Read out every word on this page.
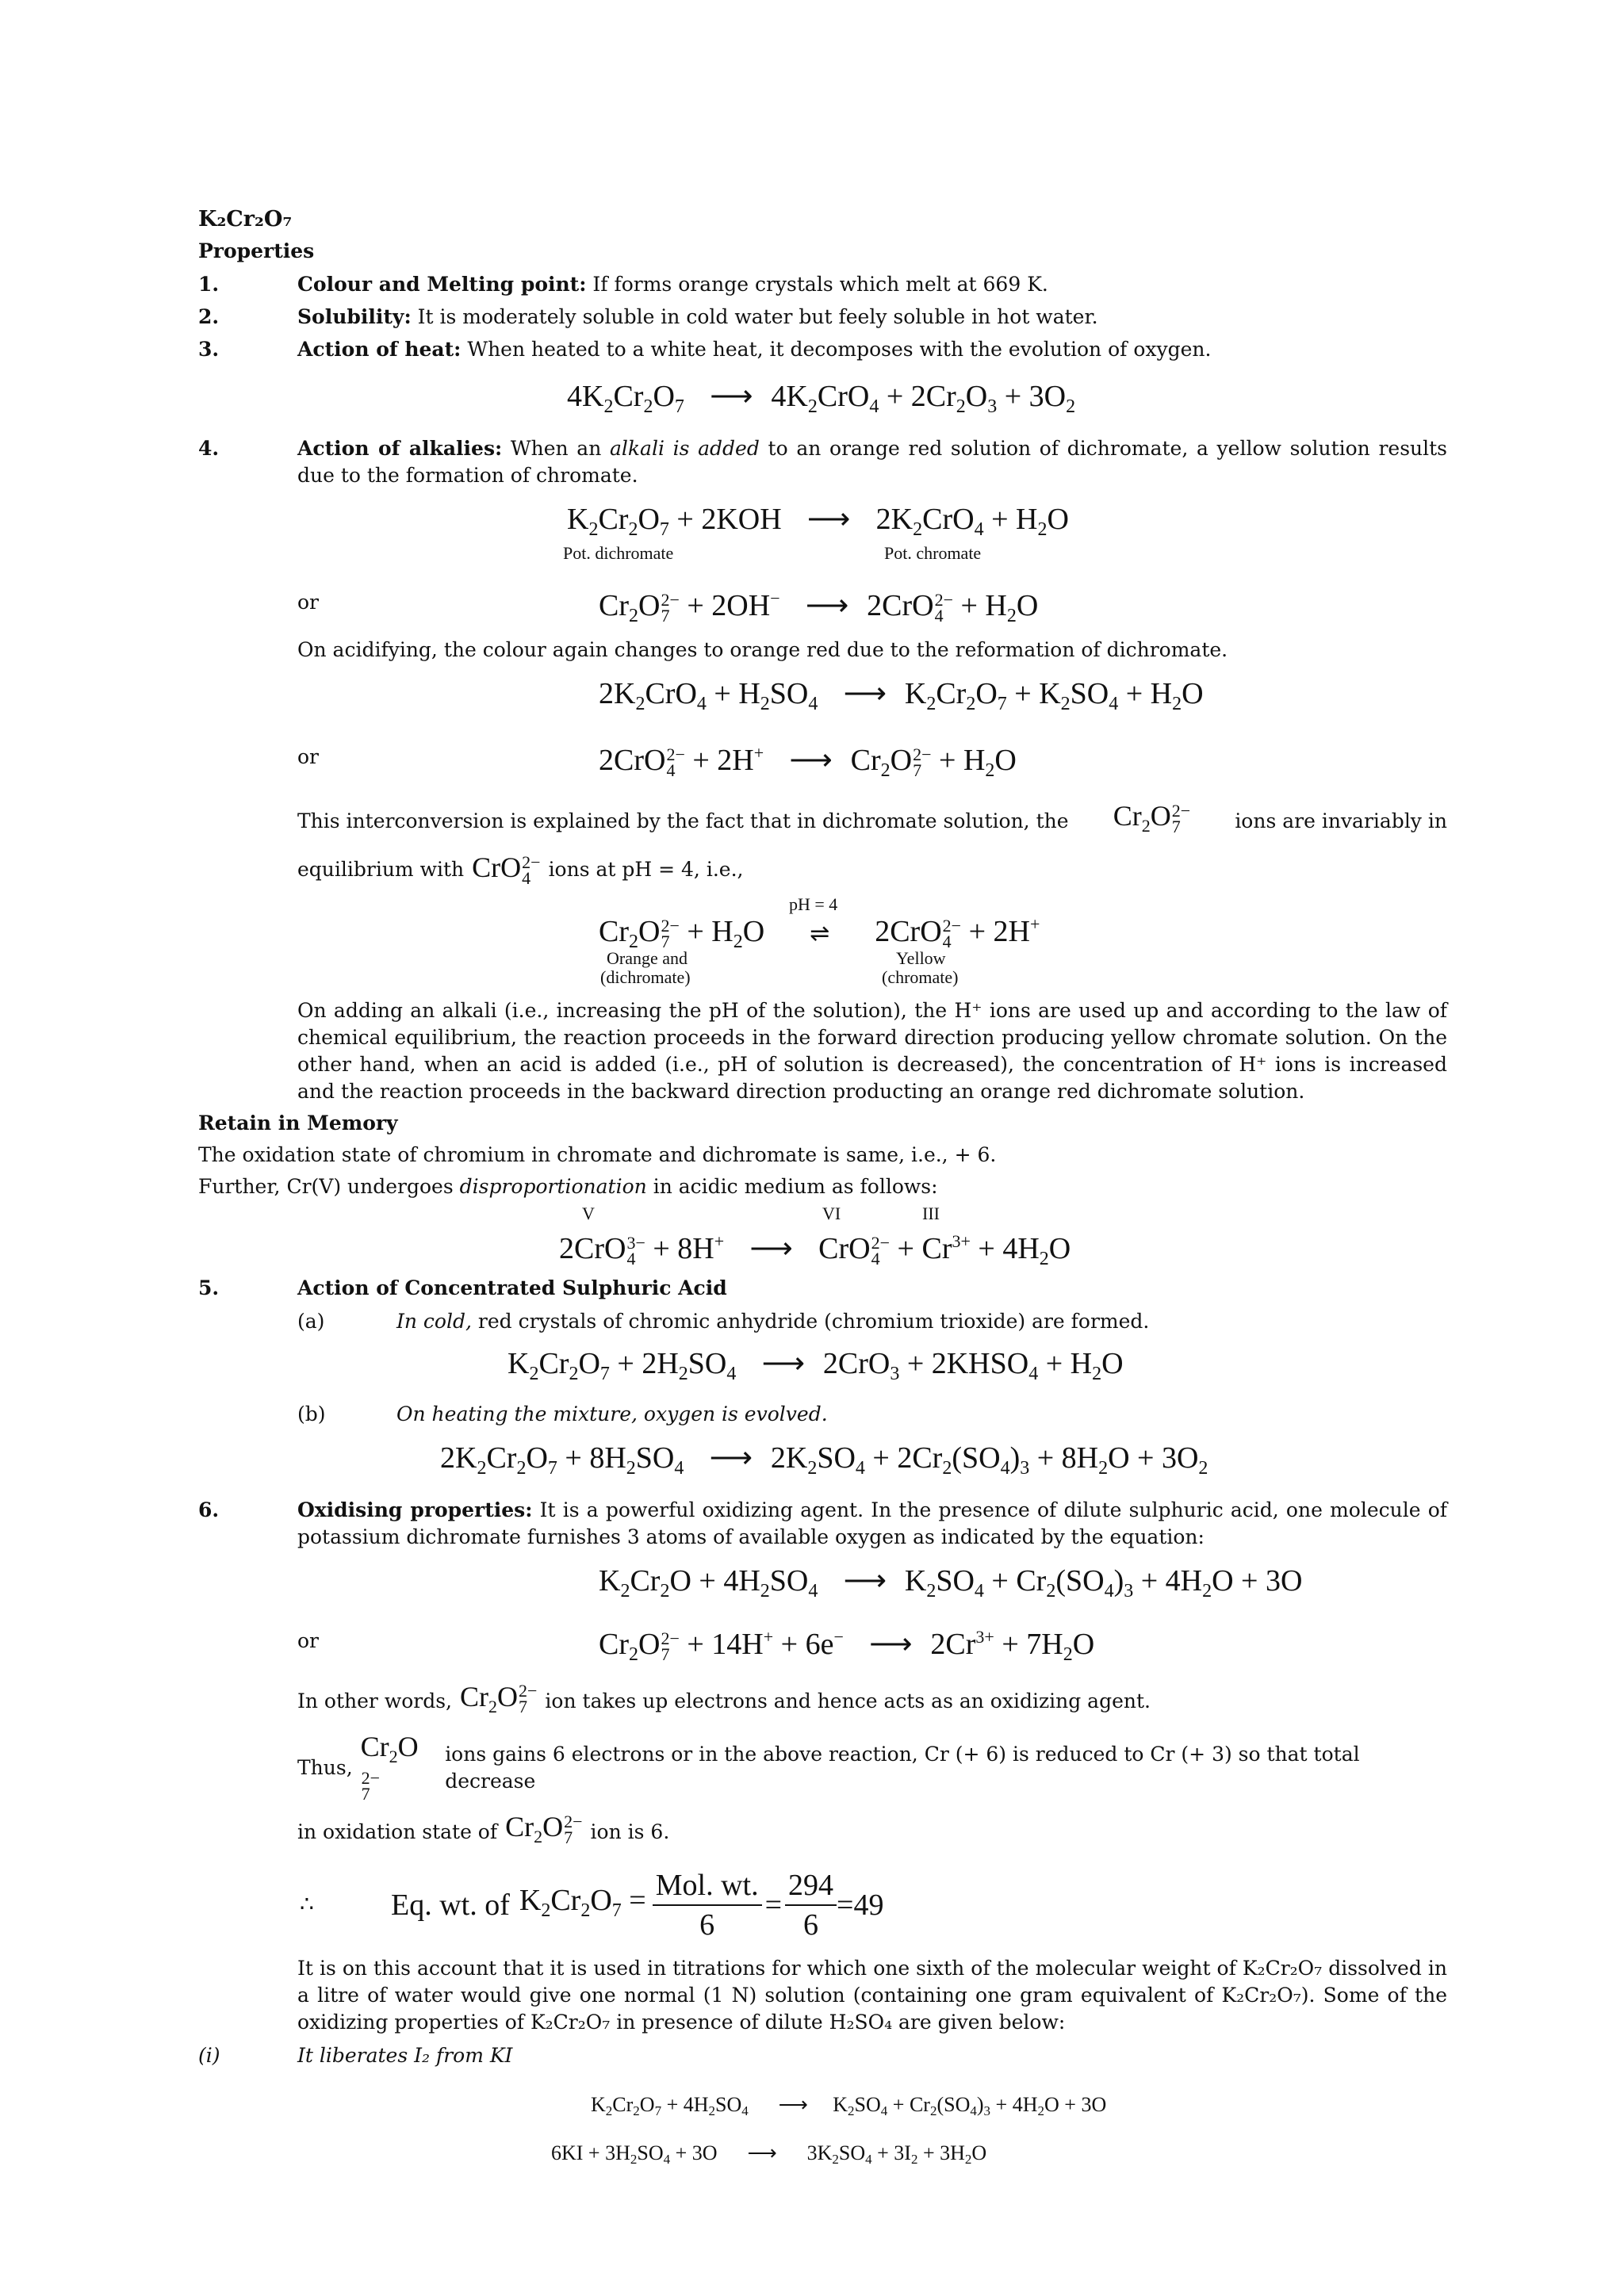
K₂Cr₂O₇
Properties
1.	Colour and Melting point: If forms orange crystals which melt at 669 K.
2.	Solubility: It is moderately soluble in cold water but feely soluble in hot water.
3.	Action of heat: When heated to a white heat, it decomposes with the evolution of oxygen.
$4K_2Cr_2O_7$ ⟶ $4K_2CrO_4 + 2Cr_2O_3 + 3O_2$
4.	Action of alkalies: When an alkali is added to an orange red solution of dichromate, a yellow solution results due to the formation of chromate.
$K_2Cr_2O_7 + 2KOH$ ⟶ $2K_2CrO_4 + H_2O$
Pot. dichromate	Pot. chromate
or	$Cr_2O$ 2−
7 + 2OH− ⟶ 2CrO 2−
$4 + H_2O$
On acidifying, the colour again changes to orange red due to the reformation of dichromate.
$2K_2CrO_4 + H_2SO_4$ ⟶ $K_2Cr_2O_7 + K_2SO_4 + H_2O$
or	2CrO 2−
4 + 2H+ ⟶ $Cr_2O$ 2−
$7 + H_2O$
This interconversion is explained by the fact that in dichromate solution, the $Cr_2O$ 2−
7	ions are invariably in
equilibrium with CrO 2−
4 ions at pH = 4, i.e.,
pH = 4
$Cr_2O$ 2−
$7 + H_2O$ ⇌ 2CrO 2−
4 + 2H+
Orange and
(dichromate)
Yellow
(chromate)
On adding an alkali (i.e., increasing the pH of the solution), the H⁺ ions are used up and according to the law of chemical equilibrium, the reaction proceeds in the forward direction producing yellow chromate solution. On the other hand, when an acid is added (i.e., pH of solution is decreased), the concentration of H⁺ ions is increased and the reaction proceeds in the backward direction producting an orange red dichromate solution.
Retain in Memory
The oxidation state of chromium in chromate and dichromate is same, i.e., + 6.
Further, Cr(V) undergoes disproportionation in acidic medium as follows:
V	VI	III
2CrO 3−
4 + 8H+ ⟶ CrO 2−
$4 + Cr^{3+} + 4H_2O$
5.	Action of Concentrated Sulphuric Acid
(a)	In cold, red crystals of chromic anhydride (chromium trioxide) are formed.
$K_2Cr_2O_7 + 2H_2SO_4$ ⟶ $2CrO_3 + 2KHSO_4 + H_2O$
(b)	On heating the mixture, oxygen is evolved.
$2K_2Cr_2O_7 + 8H_2SO_4$ ⟶ $2K_2SO_4 + 2Cr_2(SO_4)_3 + 8H_2O + 3O_2$
6.	Oxidising properties: It is a powerful oxidizing agent. In the presence of dilute sulphuric acid, one molecule of potassium dichromate furnishes 3 atoms of available oxygen as indicated by the equation:
$K_2Cr_2O + 4H_2SO_4$ ⟶ $K_2SO_4 + Cr_2(SO_4)_3 + 4H_2O + 3O$
or	$Cr_2O$ 2−
7 + 14H+ + 6e− ⟶ $2Cr^{3+} + 7H_2O$
In other words, $Cr_2O$ 2−
7 ion takes up electrons and hence acts as an oxidizing agent.
Thus,
$Cr_2O$
2−
7
ions gains 6 electrons or in the above reaction, Cr (+ 6) is reduced to Cr (+ 3) so that total decrease
in oxidation state of $Cr_2O$ 2−
7 ion is 6.
∴	Eq. wt. of $K_2Cr_2O_7 = \frac{\text{Mol. wt.}}{6} = \frac{294}{6} =49$
It is on this account that it is used in titrations for which one sixth of the molecular weight of K₂Cr₂O₇ dissolved in a litre of water would give one normal (1 N) solution (containing one gram equivalent of K₂Cr₂O₇). Some of the oxidizing properties of K₂Cr₂O₇ in presence of dilute H₂SO₄ are given below:
(i)	It liberates I₂ from KI
$K_2Cr_2O_7 + 4H_2SO_4$ ⟶ $K_2SO_4 + Cr_2(SO_4)_3 + 4H_2O + 3O$
$6KI + 3H_2SO_4 + 3O$ ⟶ $3K_2SO_4 + 3I_2 + 3H_2O$
